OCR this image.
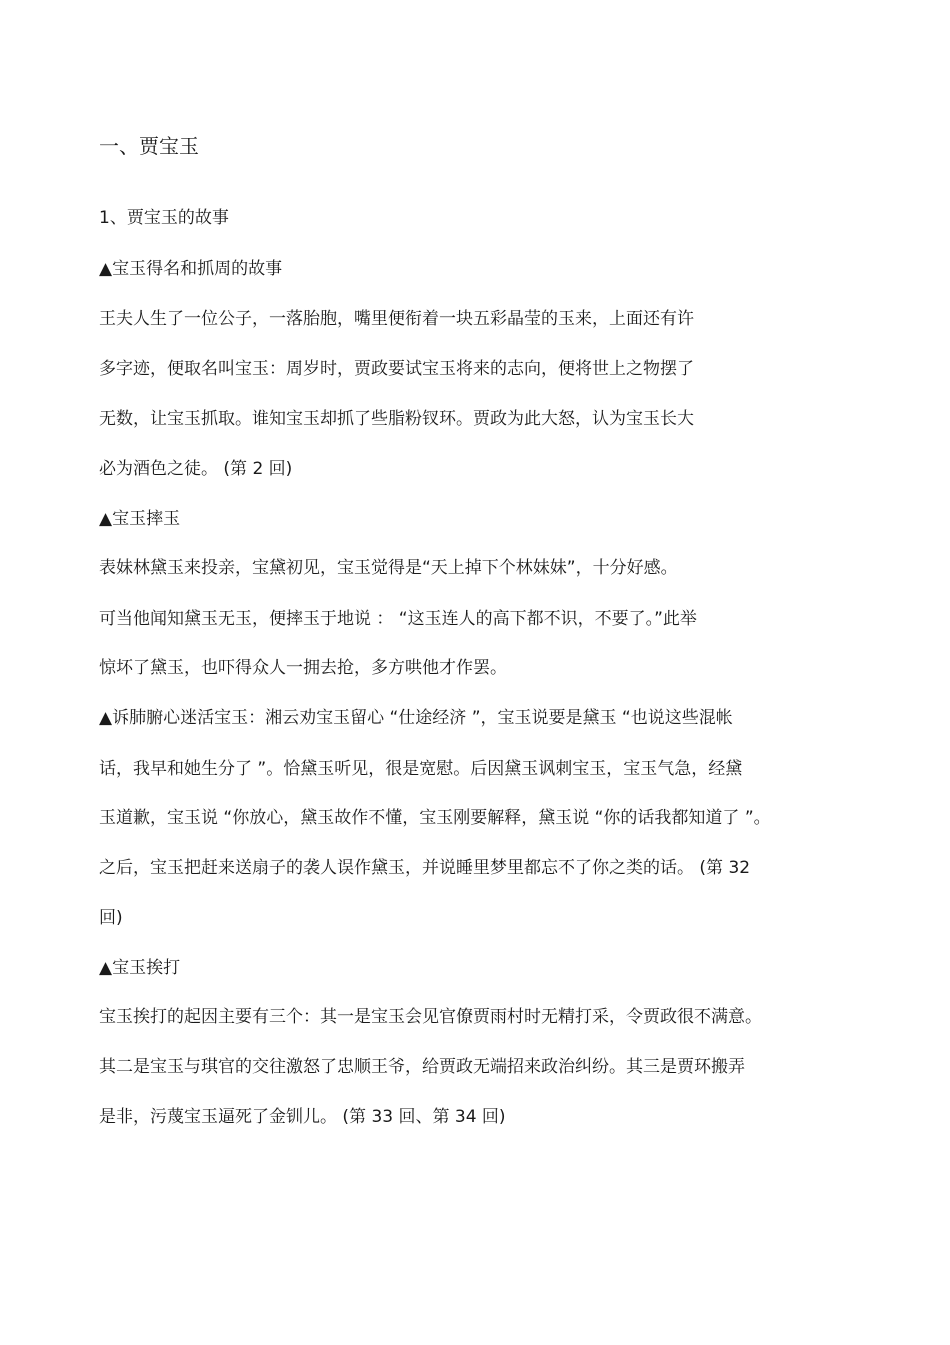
一、贾宝玉
1、贾宝玉的故事
▲宝玉得名和抓周的故事
王夫人生了一位公子，一落胎胞，嘴里便衔着一块五彩晶莹的玉来，上面还有许
多字迹，便取名叫宝玉：周岁时，贾政要试宝玉将来的志向，便将世上之物摆了
无数，让宝玉抓取。谁知宝玉却抓了些脂粉钗环。贾政为此大怒，认为宝玉长大
必为酒色之徒。 (第 2 回)
▲宝玉摔玉
表妹林黛玉来投亲，宝黛初见，宝玉觉得是“天上掉下个林妹妹”，十分好感。
可当他闻知黛玉无玉，便摔玉于地说 ： “这玉连人的高下都不识，不要了。”此举
惊坏了黛玉，也吓得众人一拥去抢，多方哄他才作罢。
▲诉肺腑心迷活宝玉：湘云劝宝玉留心 “仕途经济 ”，宝玉说要是黛玉 “也说这些混帐
话，我早和她生分了 ”。恰黛玉听见，很是宽慰。后因黛玉讽刺宝玉，宝玉气急，经黛
玉道歉，宝玉说 “你放心，黛玉故作不懂，宝玉刚要解释，黛玉说 “你的话我都知道了 ”。
之后，宝玉把赶来送扇子的袭人误作黛玉，并说睡里梦里都忘不了你之类的话。 (第 32
回)
▲宝玉挨打
宝玉挨打的起因主要有三个：其一是宝玉会见官僚贾雨村时无精打采，令贾政很不满意。
其二是宝玉与琪官的交往激怒了忠顺王爷，给贾政无端招来政治纠纷。其三是贾环搬弄
是非，污蔑宝玉逼死了金钏儿。 (第 33 回、第 34 回)
